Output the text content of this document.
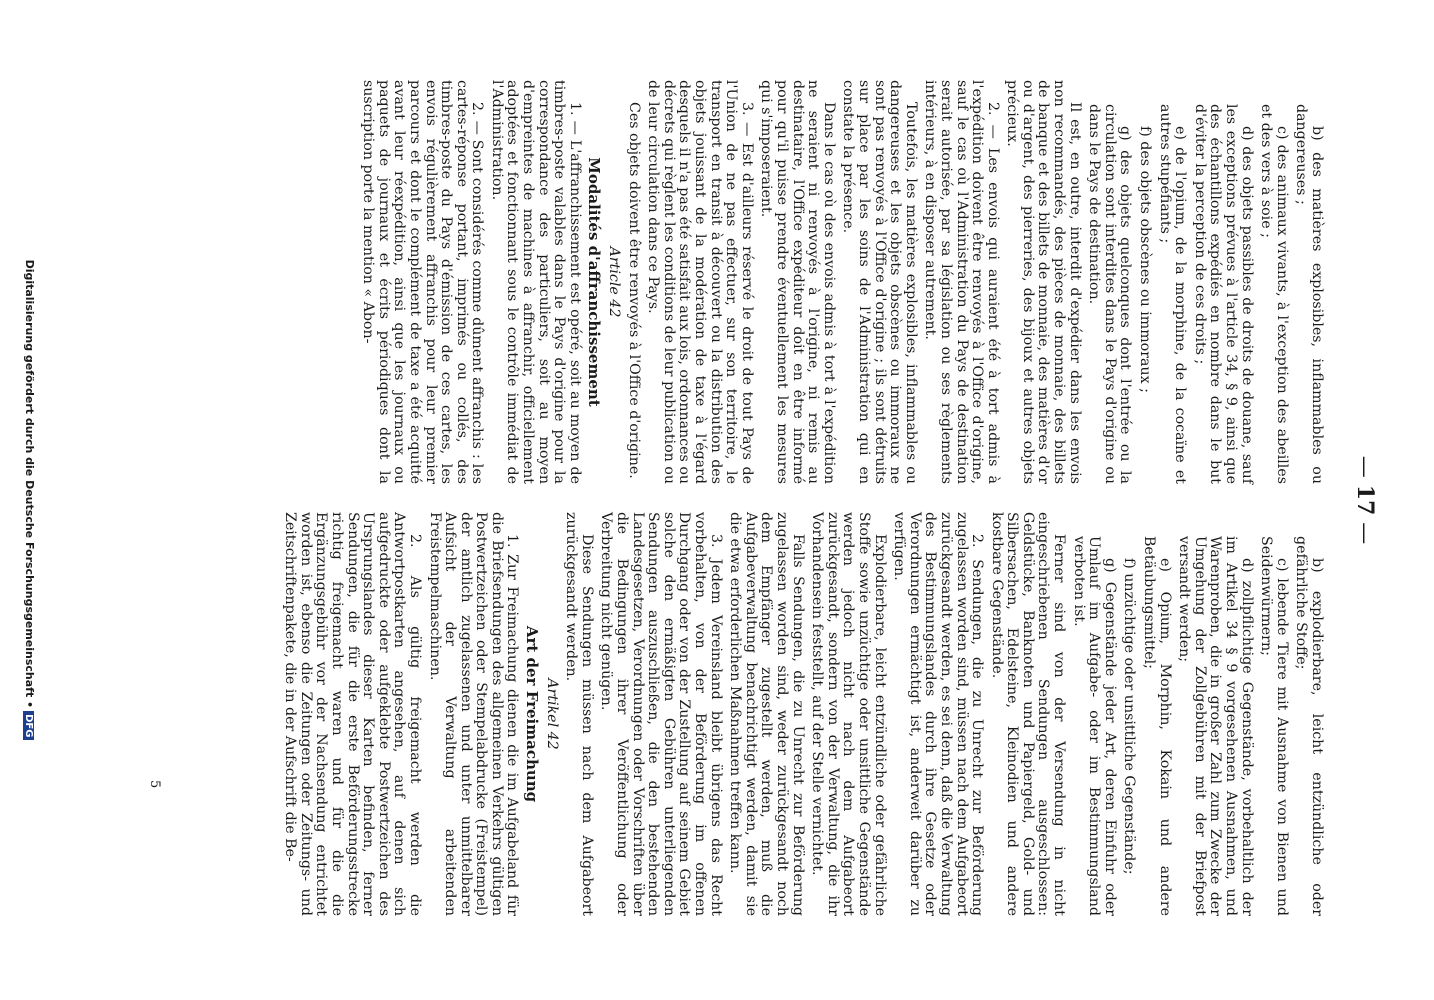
— 17 —

b) des matières explosibles, inflammables ou dangereuses ;

c) des animaux vivants, à l'exception des abeilles et des vers à soie ;

d) des objets passibles de droits de douane, sauf les exceptions prévues à l'article 34, § 9, ainsi que des échantillons expédiés en nombre dans le but d'éviter la perception de ces droits ;

e) de l'opium, de la morphine, de la cocaïne et autres stupéfiants ;

f) des objets obscènes ou immoraux ;

g) des objets quelconques dont l'entrée ou la circulation sont interdites dans le Pays d'origine ou dans le Pays de destination.

Il est, en outre, interdit d'expédier dans les envois non recommandés, des pièces de monnaie, des billets de banque et des billets de monnaie, des matières d'or ou d'argent, des pierreries, des bijoux et autres objets précieux.

2. — Les envois qui auraient été à tort admis à l'expédition doivent être renvoyés à l'Office d'origine, sauf le cas où l'Administration du Pays de destination serait autorisée, par sa législation ou ses règlements intérieurs, à en disposer autrement.

Toutefois, les matières explosibles, inflammables ou dangereuses et les objets obscènes ou immoraux ne sont pas renvoyés à l'Office d'origine ; ils sont détruits sur place par les soins de l'Administration qui en constate la présence.

Dans le cas où des envois admis à tort à l'expédition ne seraient ni renvoyés à l'origine, ni remis au destinataire, l'Office expéditeur doit en être informé pour qu'il puisse prendre éventuellement les mesures qui s'imposeraient.

3. — Est d'ailleurs réservé le droit de tout Pays de l'Union de ne pas effectuer, sur son territoire, le transport en transit à découvert ou la distribution des objets jouissant de la modération de taxe à l'égard desquels il n'a pas été satisfait aux lois, ordonnances ou décrets qui règlent les conditions de leur publication ou de leur circulation dans ce Pays.

Ces objets doivent être renvoyés à l'Office d'origine.

Article 42

Modalités d'affranchissement

1. — L'affranchissement est opéré, soit au moyen de timbres-poste valables dans le Pays d'origine pour la correspondance des particuliers, soit au moyen d'empreintes de machines à affranchir, officiellement adoptées et fonctionnant sous le contrôle immédiat de l'Administration.

2. — Sont considérés comme dûment affranchis : les cartes-réponse portant, imprimés ou collés, des timbres-poste du Pays d'émission de ces cartes, les envois régulièrement affranchis pour leur premier parcours et dont le complément de taxe a été acquitté avant leur réexpédition, ainsi que les journaux ou paquets de journaux et écrits périodiques dont la suscription porte la mention « Abon-

b) explodierbare, leicht entzündliche oder gefährliche Stoffe;

c) lebende Tiere mit Ausnahme von Bienen und Seidenwürmern;

d) zollpflichtige Gegenstände, vorbehaltlich der im Artikel 34 § 9 vorgesehenen Ausnahmen, und Warenproben, die in großer Zahl zum Zwecke der Umgehung der Zollgebühren mit der Briefpost versandt werden;

e) Opium, Morphin, Kokain und andere Betäubungsmittel;

f) unzüchtige oder unsittliche Gegenstände;

g) Gegenstände jeder Art, deren Einfuhr oder Umlauf im Aufgabe- oder im Bestimmungsland verboten ist.

Ferner sind von der Versendung in nicht eingeschriebenen Sendungen ausgeschlossen: Geldstücke, Banknoten und Papiergeld, Gold- und Silbersachen, Edelsteine, Kleinodien und andere kostbare Gegenstände.

2. Sendungen, die zu Unrecht zur Beförderung zugelassen worden sind, müssen nach dem Aufgabeort zurückgesandt werden, es sei denn, daß die Verwaltung des Bestimmungslandes durch ihre Gesetze oder Verordnungen ermächtigt ist, anderweit darüber zu verfügen.

Explodierbare, leicht entzündliche oder gefährliche Stoffe sowie unzüchtige oder unsittliche Gegenstände werden jedoch nicht nach dem Aufgabeort zurückgesandt, sondern von der Verwaltung, die ihr Vorhandensein feststellt, auf der Stelle vernichtet.

Falls Sendungen, die zu Unrecht zur Beförderung zugelassen worden sind, weder zurückgesandt noch dem Empfänger zugestellt werden, muß die Aufgabeverwaltung benachrichtigt werden, damit sie die etwa erforderlichen Maßnahmen treffen kann.

3. Jedem Vereinsland bleibt übrigens das Recht vorbehalten, von der Beförderung im offenen Durchgang oder von der Zustellung auf seinem Gebiet solche den ermäßigten Gebühren unterliegenden Sendungen auszuschließen, die den bestehenden Landesgesetzen, Verordnungen oder Vorschriften über die Bedingungen ihrer Veröffentlichung oder Verbreitung nicht genügen.

Diese Sendungen müssen nach dem Aufgabeort zurückgesandt werden.

Artikel 42

Art der Freimachung

1. Zur Freimachung dienen die im Aufgabeland für die Briefsendungen des allgemeinen Verkehrs gültigen Postwertzeichen oder Stempelabdrucke (Freistempel) der amtlich zugelassenen und unter unmittelbarer Aufsicht der Verwaltung arbeitenden Freistempelmaschinen.

2. Als gültig freigemacht werden die Antwortpostkarten angesehen, auf denen sich aufgedruckte oder aufgeklebte Postwertzeichen des Ursprungslandes dieser Karten befinden, ferner Sendungen, die für die erste Beförderungsstrecke richtig freigemacht waren und für die die Ergänzungsgebühr vor der Nachsendung entrichtet worden ist, ebenso die Zeitungen oder Zeitungs- und Zeitschriftenpakete, die in der Aufschrift die Be-

5
Digitalisierung gefördert durch die Deutsche Forschungsgemeinschaft •DFG
